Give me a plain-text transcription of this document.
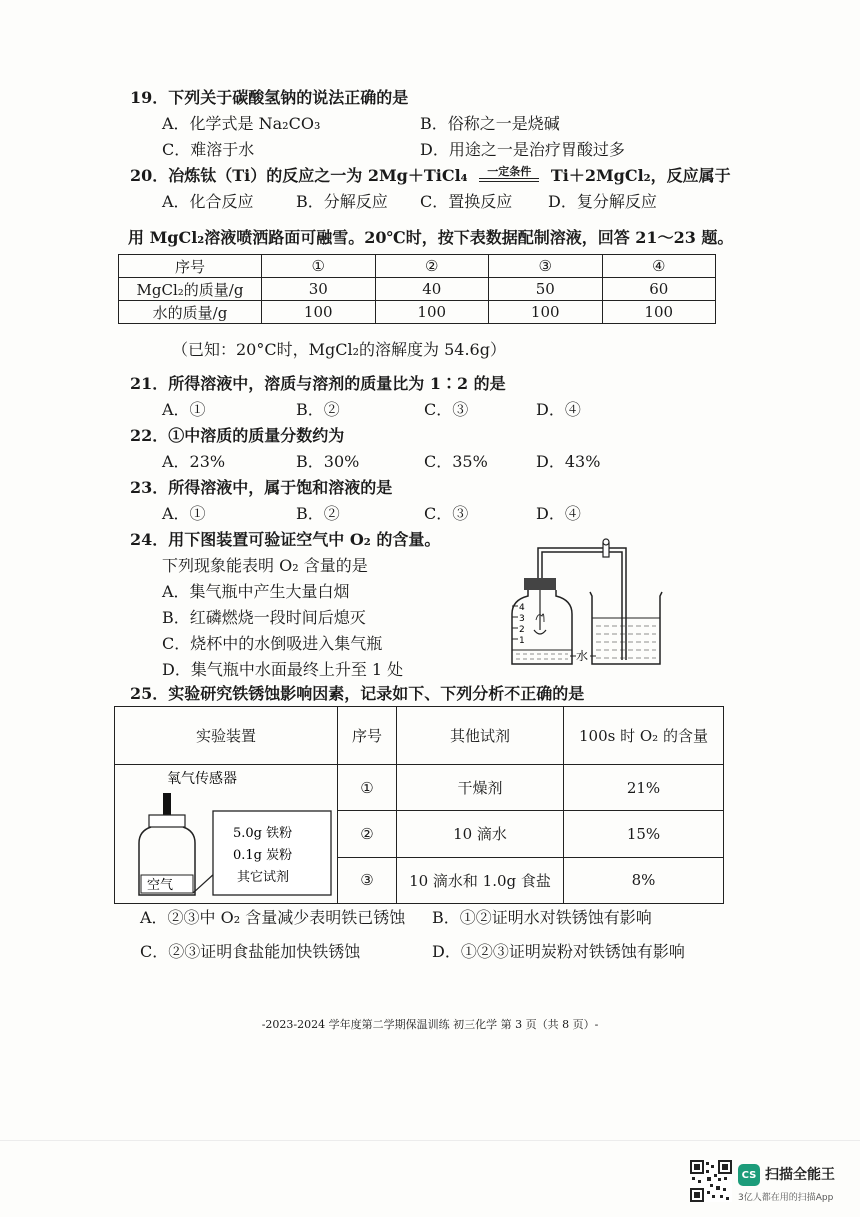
19．下列关于碳酸氢钠的说法正确的是
A．化学式是 Na₂CO₃	B．俗称之一是烧碱
C．难溶于水	D．用途之一是治疗胃酸过多
20．冶炼钛（Ti）的反应之一为 2Mg＋TiCl₄	一定条件	Ti＋2MgCl₂，反应属于
A．化合反应	B．分解反应 C．置换反应 D．复分解反应
用 MgCl₂溶液喷洒路面可融雪。20℃时，按下表数据配制溶液，回答 21～23 题。
序号	①	②	③	④
MgCl₂的质量/g	30	40	50	60
水的质量/g	100	100	100	100
（已知：20°C时，MgCl₂的溶解度为 54.6g）
21．所得溶液中，溶质与溶剂的质量比为 1∶2 的是
A．①	B．②	C．③	D．④
22．①中溶质的质量分数约为
A．23%	B．30%	C．35%	D．43%
23．所得溶液中，属于饱和溶液的是
A．①	B．②	C．③	D．④
24．用下图装置可验证空气中 O₂ 的含量。
下列现象能表明 O₂ 含量的是
A．集气瓶中产生大量白烟
B．红磷燃烧一段时间后熄灭
C．烧杯中的水倒吸进入集气瓶
D．集气瓶中水面最终上升至 1 处
4
3
2
1
水
25．实验研究铁锈蚀影响因素，记录如下、下列分析不正确的是
实验装置	序号	其他试剂	100s 时 O₂ 的含量

氧气传感器
空气
5.0g 铁粉
0.1g 炭粉
其它试剂	①	干燥剂	21%
	②	10 滴水	15%
	③	10 滴水和 1.0g 食盐	8%
A．②③中 O₂ 含量减少表明铁已锈蚀 B．①②证明水对铁锈蚀有影响
C．②③证明食盐能加快铁锈蚀	D．①②③证明炭粉对铁锈蚀有影响
-2023-2024 学年度第二学期保温训练 初三化学 第 3 页（共 8 页）-
CS 扫描全能王
3亿人都在用的扫描App
